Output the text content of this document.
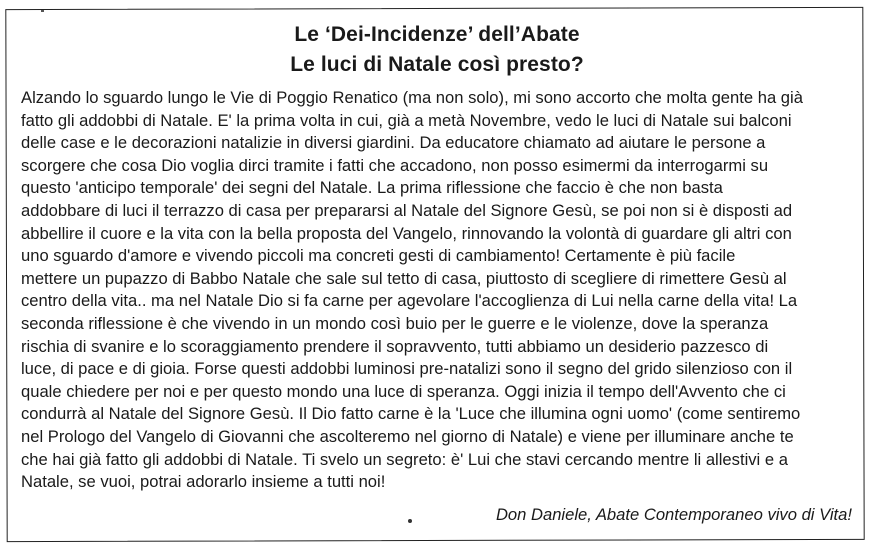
Le ‘Dei-Incidenze’ dell’Abate
Le luci di Natale così presto?
Alzando lo sguardo lungo le Vie di Poggio Renatico (ma non solo), mi sono accorto che molta gente ha già
fatto gli addobbi di Natale. E' la prima volta in cui, già a metà Novembre, vedo le luci di Natale sui balconi
delle case e le decorazioni natalizie in diversi giardini. Da educatore chiamato ad aiutare le persone a
scorgere che cosa Dio voglia dirci tramite i fatti che accadono, non posso esimermi da interrogarmi su
questo 'anticipo temporale' dei segni del Natale. La prima riflessione che faccio è che non basta
addobbare di luci il terrazzo di casa per prepararsi al Natale del Signore Gesù, se poi non si è disposti ad
abbellire il cuore e la vita con la bella proposta del Vangelo, rinnovando la volontà di guardare gli altri con
uno sguardo d'amore e vivendo piccoli ma concreti gesti di cambiamento! Certamente è più facile
mettere un pupazzo di Babbo Natale che sale sul tetto di casa, piuttosto di scegliere di rimettere Gesù al
centro della vita.. ma nel Natale Dio si fa carne per agevolare l'accoglienza di Lui nella carne della vita! La
seconda riflessione è che vivendo in un mondo così buio per le guerre e le violenze, dove la speranza
rischia di svanire e lo scoraggiamento prendere il sopravvento, tutti abbiamo un desiderio pazzesco di
luce, di pace e di gioia. Forse questi addobbi luminosi pre-natalizi sono il segno del grido silenzioso con il
quale chiedere per noi e per questo mondo una luce di speranza. Oggi inizia il tempo dell'Avvento che ci
condurrà al Natale del Signore Gesù. Il Dio fatto carne è la 'Luce che illumina ogni uomo' (come sentiremo
nel Prologo del Vangelo di Giovanni che ascolteremo nel giorno di Natale) e viene per illuminare anche te
che hai già fatto gli addobbi di Natale. Ti svelo un segreto: è' Lui che stavi cercando mentre li allestivi e a
Natale, se vuoi, potrai adorarlo insieme a tutti noi!
Don Daniele, Abate Contemporaneo vivo di Vita!
